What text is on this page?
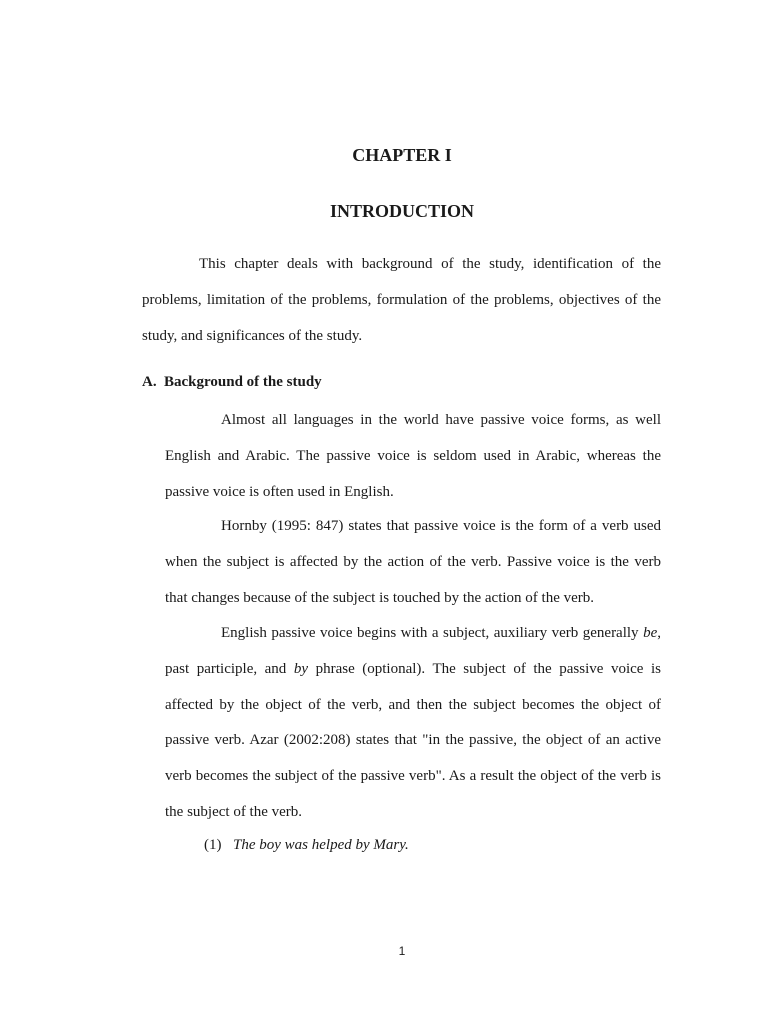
CHAPTER I
INTRODUCTION

This chapter deals with background of the study, identification of the problems, limitation of the problems, formulation of the problems, objectives of the study, and significances of the study.

A. Background of the study

Almost all languages in the world have passive voice forms, as well English and Arabic. The passive voice is seldom used in Arabic, whereas the passive voice is often used in English.

Hornby (1995: 847) states that passive voice is the form of a verb used when the subject is affected by the action of the verb. Passive voice is the verb that changes because of the subject is touched by the action of the verb.

English passive voice begins with a subject, auxiliary verb generally be, past participle, and by phrase (optional). The subject of the passive voice is affected by the object of the verb, and then the subject becomes the object of passive verb. Azar (2002:208) states that "in the passive, the object of an active verb becomes the subject of the passive verb". As a result the object of the verb is the subject of the verb.

(1) The boy was helped by Mary.
1
